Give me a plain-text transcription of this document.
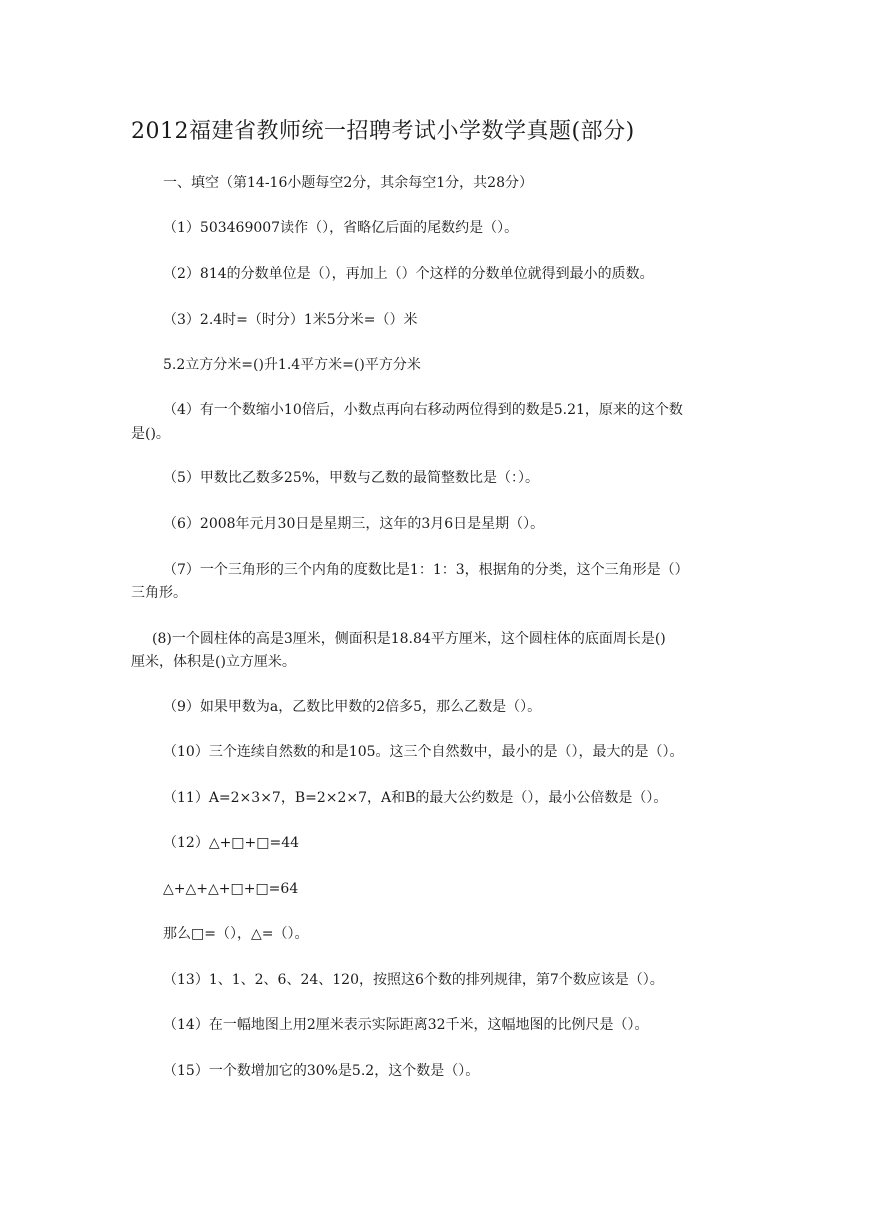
2012福建省教师统一招聘考试小学数学真题(部分)
一、填空（第14-16小题每空2分，其余每空1分，共28分）
（1）503469007读作（），省略亿后面的尾数约是（）。
（2）814的分数单位是（），再加上（）个这样的分数单位就得到最小的质数。
（3）2.4时=（时分）1米5分米=（）米
5.2立方分米=()升1.4平方米=()平方分米
（4）有一个数缩小10倍后，小数点再向右移动两位得到的数是5.21，原来的这个数
是()。
（5）甲数比乙数多25%，甲数与乙数的最简整数比是（：）。
（6）2008年元月30日是星期三，这年的3月6日是星期（）。
（7）一个三角形的三个内角的度数比是1：1：3，根据角的分类，这个三角形是（）
三角形。
(8)一个圆柱体的高是3厘米，侧面积是18.84平方厘米，这个圆柱体的底面周长是()
厘米，体积是()立方厘米。
（9）如果甲数为a，乙数比甲数的2倍多5，那么乙数是（）。
（10）三个连续自然数的和是105。这三个自然数中，最小的是（），最大的是（）。
（11）A=2×3×7，B=2×2×7，A和B的最大公约数是（），最小公倍数是（）。
（12）△+□+□=44
△+△+△+□+□=64
那么□=（），△=（）。
（13）1、1、2、6、24、120，按照这6个数的排列规律，第7个数应该是（）。
（14）在一幅地图上用2厘米表示实际距离32千米，这幅地图的比例尺是（）。
（15）一个数增加它的30%是5.2，这个数是（）。
